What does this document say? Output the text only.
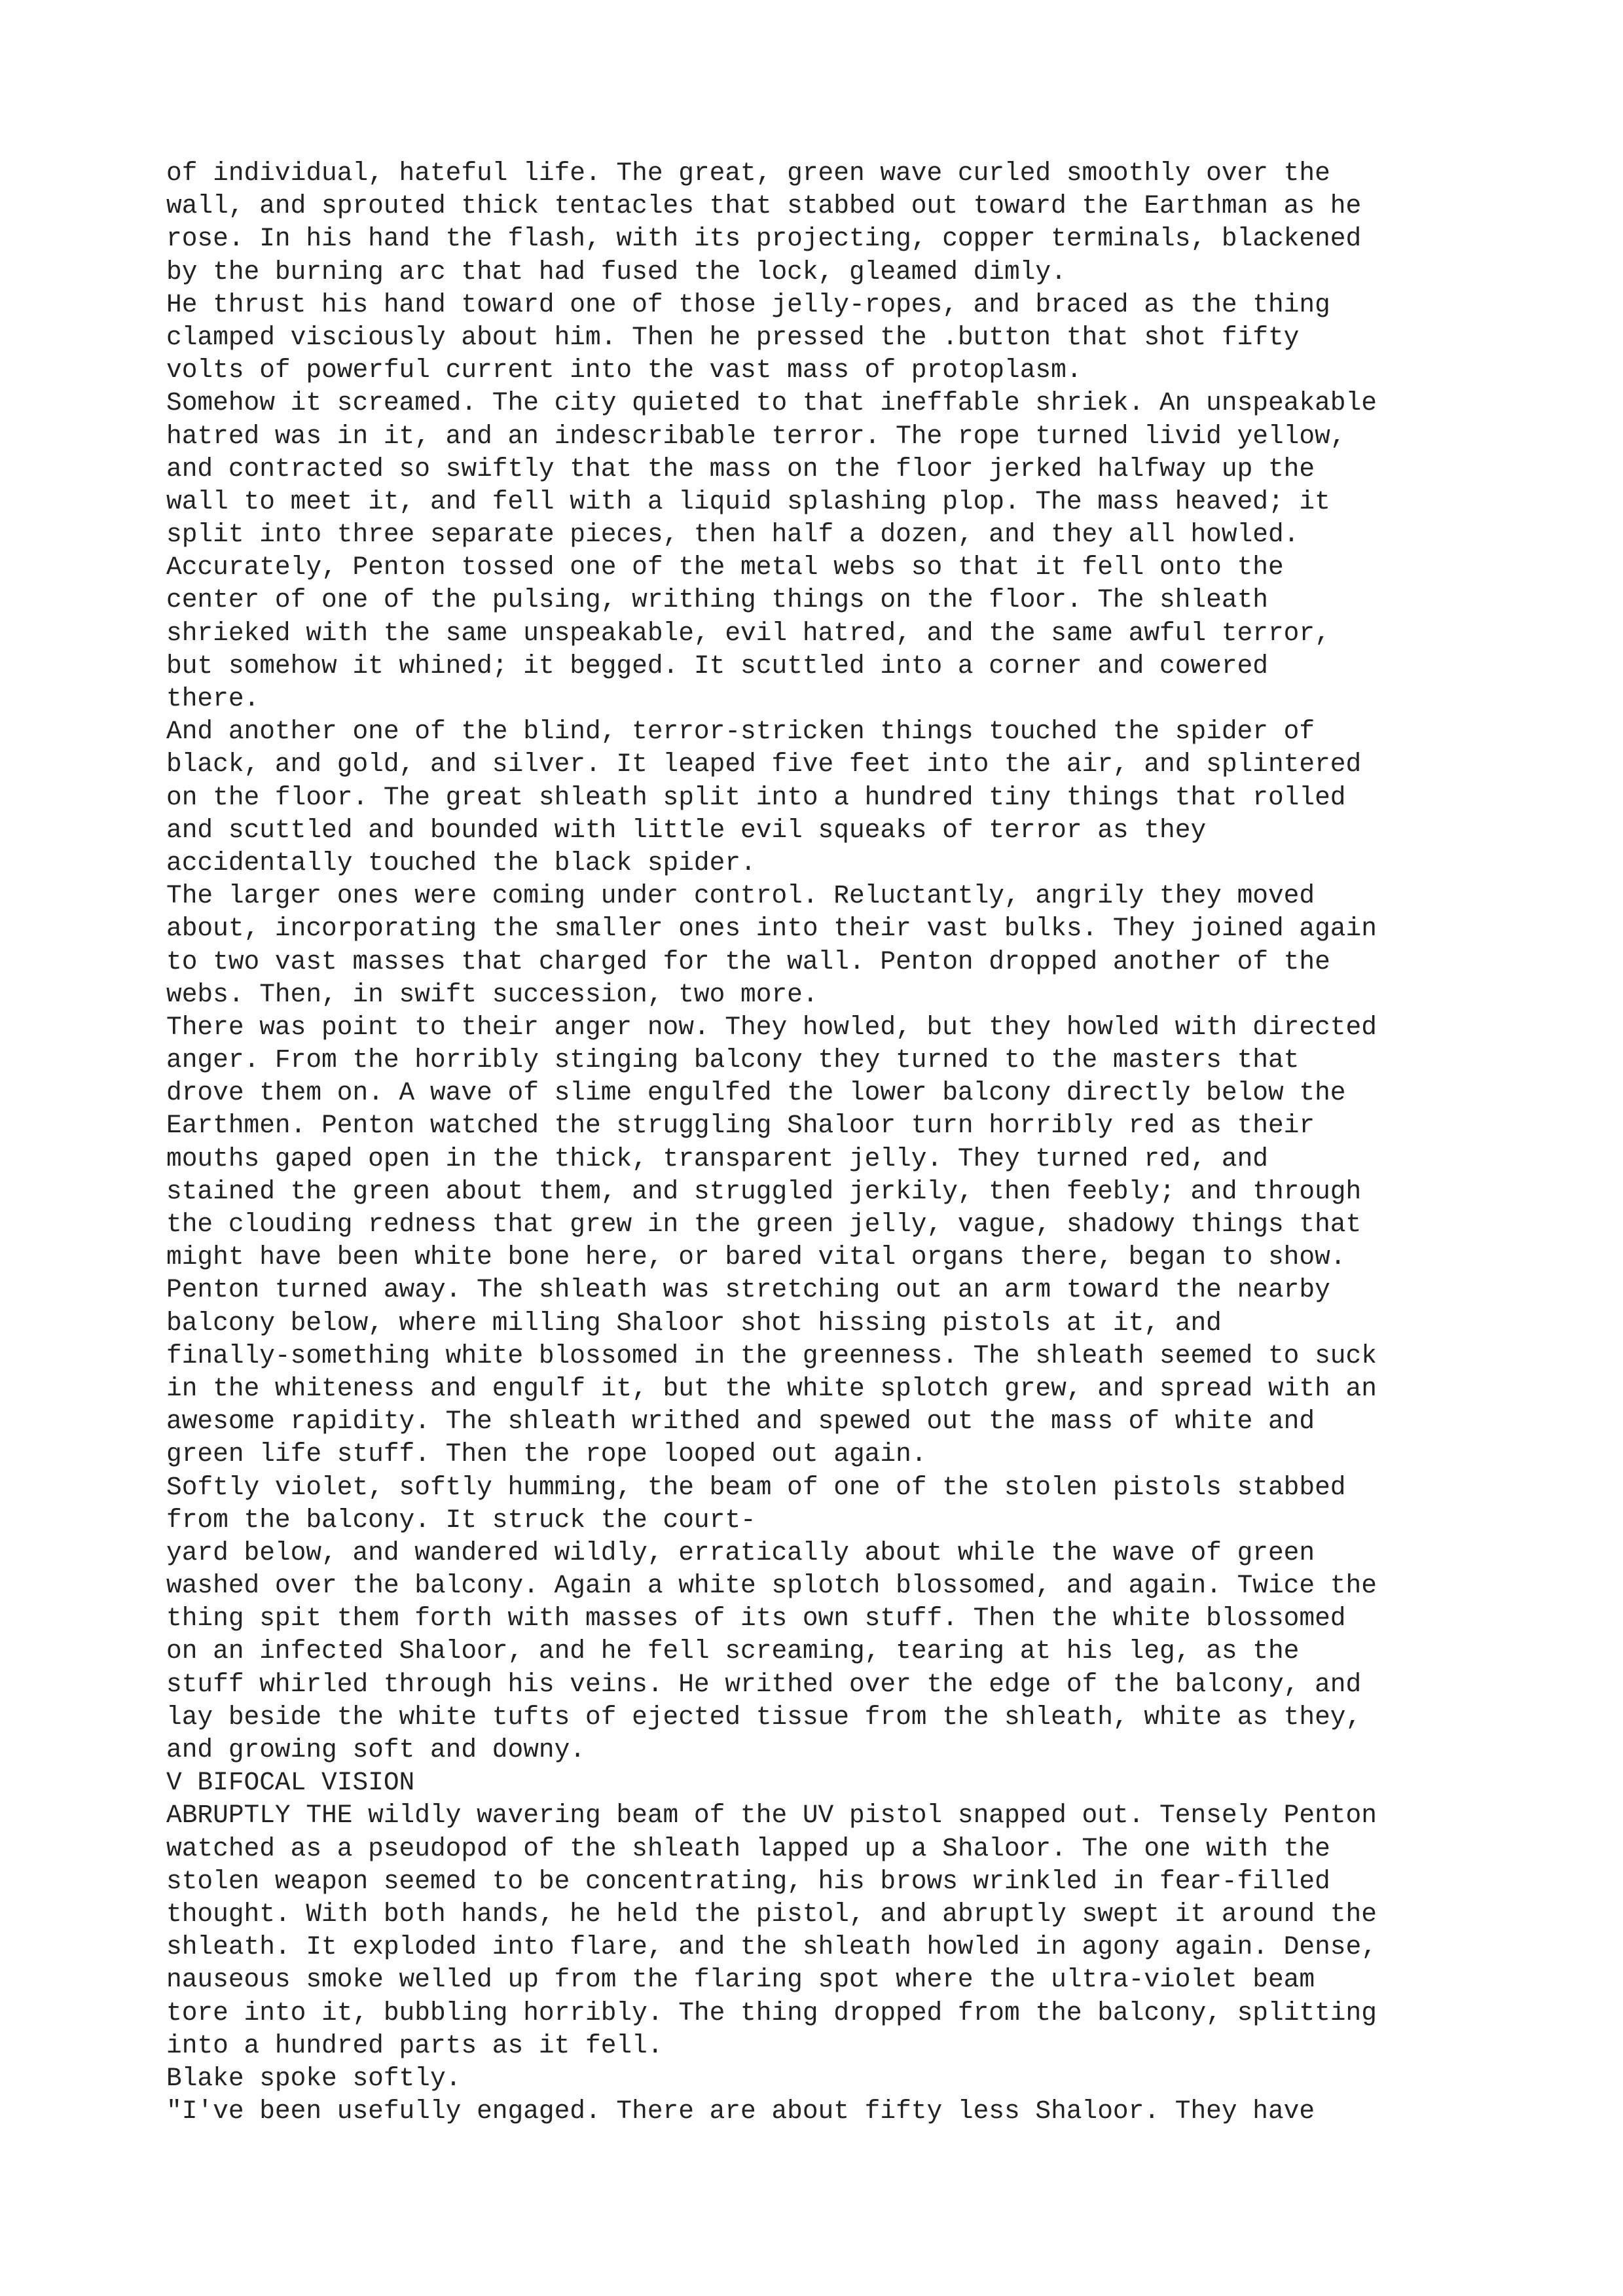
of individual, hateful life. The great, green wave curled smoothly over the
wall, and sprouted thick tentacles that stabbed out toward the Earthman as he
rose. In his hand the flash, with its projecting, copper terminals, blackened
by the burning arc that had fused the lock, gleamed dimly.
He thrust his hand toward one of those jelly-ropes, and braced as the thing
clamped visciously about him. Then he pressed the .button that shot fifty
volts of powerful current into the vast mass of protoplasm.
Somehow it screamed. The city quieted to that ineffable shriek. An unspeakable
hatred was in it, and an indescribable terror. The rope turned livid yellow,
and contracted so swiftly that the mass on the floor jerked halfway up the
wall to meet it, and fell with a liquid splashing plop. The mass heaved; it
split into three separate pieces, then half a dozen, and they all howled.
Accurately, Penton tossed one of the metal webs so that it fell onto the
center of one of the pulsing, writhing things on the floor. The shleath
shrieked with the same unspeakable, evil hatred, and the same awful terror,
but somehow it whined; it begged. It scuttled into a corner and cowered
there.
And another one of the blind, terror-stricken things touched the spider of
black, and gold, and silver. It leaped five feet into the air, and splintered
on the floor. The great shleath split into a hundred tiny things that rolled
and scuttled and bounded with little evil squeaks of terror as they
accidentally touched the black spider.
The larger ones were coming under control. Reluctantly, angrily they moved
about, incorporating the smaller ones into their vast bulks. They joined again
to two vast masses that charged for the wall. Penton dropped another of the
webs. Then, in swift succession, two more.
There was point to their anger now. They howled, but they howled with directed
anger. From the horribly stinging balcony they turned to the masters that
drove them on. A wave of slime engulfed the lower balcony directly below the
Earthmen. Penton watched the struggling Shaloor turn horribly red as their
mouths gaped open in the thick, transparent jelly. They turned red, and
stained the green about them, and struggled jerkily, then feebly; and through
the clouding redness that grew in the green jelly, vague, shadowy things that
might have been white bone here, or bared vital organs there, began to show.
Penton turned away. The shleath was stretching out an arm toward the nearby
balcony below, where milling Shaloor shot hissing pistols at it, and
finally-something white blossomed in the greenness. The shleath seemed to suck
in the whiteness and engulf it, but the white splotch grew, and spread with an
awesome rapidity. The shleath writhed and spewed out the mass of white and
green life stuff. Then the rope looped out again.
Softly violet, softly humming, the beam of one of the stolen pistols stabbed
from the balcony. It struck the court-
yard below, and wandered wildly, erratically about while the wave of green
washed over the balcony. Again a white splotch blossomed, and again. Twice the
thing spit them forth with masses of its own stuff. Then the white blossomed
on an infected Shaloor, and he fell screaming, tearing at his leg, as the
stuff whirled through his veins. He writhed over the edge of the balcony, and
lay beside the white tufts of ejected tissue from the shleath, white as they,
and growing soft and downy.
V BIFOCAL VISION
ABRUPTLY THE wildly wavering beam of the UV pistol snapped out. Tensely Penton
watched as a pseudopod of the shleath lapped up a Shaloor. The one with the
stolen weapon seemed to be concentrating, his brows wrinkled in fear-filled
thought. With both hands, he held the pistol, and abruptly swept it around the
shleath. It exploded into flare, and the shleath howled in agony again. Dense,
nauseous smoke welled up from the flaring spot where the ultra-violet beam
tore into it, bubbling horribly. The thing dropped from the balcony, splitting
into a hundred parts as it fell.
Blake spoke softly.
"I've been usefully engaged. There are about fifty less Shaloor. They have
